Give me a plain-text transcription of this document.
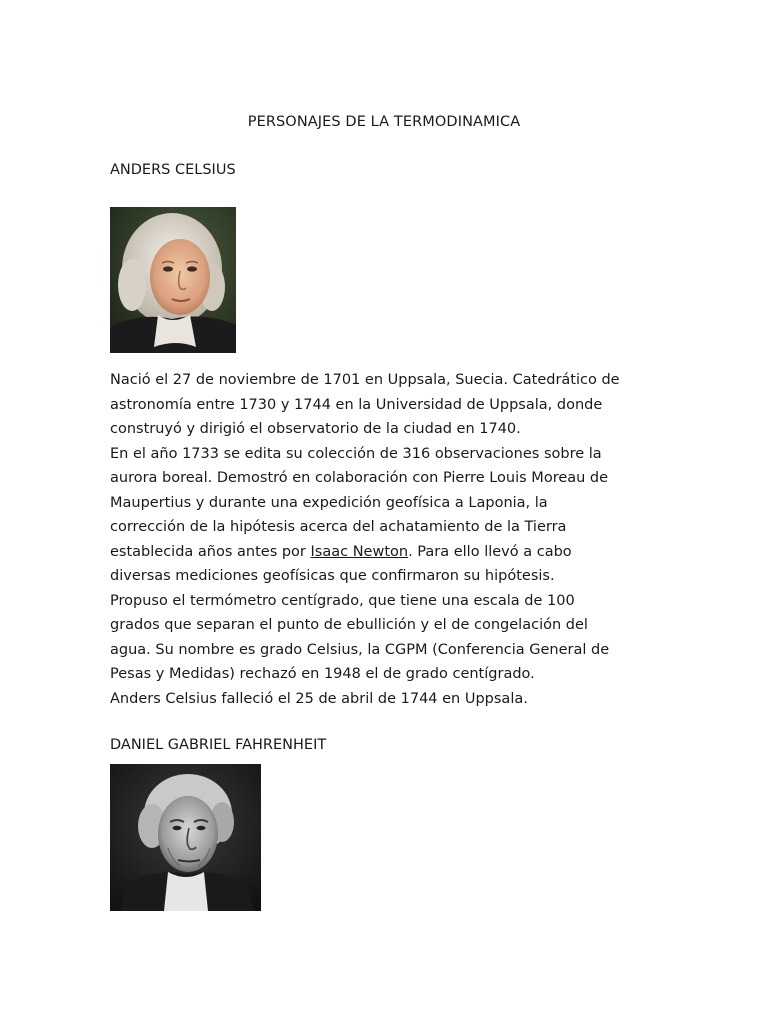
PERSONAJES DE LA TERMODINAMICA
ANDERS CELSIUS
Nació el 27 de noviembre de 1701 en Uppsala, Suecia. Catedrático de
astronomía entre 1730 y 1744 en la Universidad de Uppsala, donde
construyó y dirigió el observatorio de la ciudad en 1740.
En el año 1733 se edita su colección de 316 observaciones sobre la
aurora boreal. Demostró en colaboración con Pierre Louis Moreau de
Maupertius y durante una expedición geofísica a Laponia, la
corrección de la hipótesis acerca del achatamiento de la Tierra
establecida años antes por Isaac Newton. Para ello llevó a cabo
diversas mediciones geofísicas que confirmaron su hipótesis.
Propuso el termómetro centígrado, que tiene una escala de 100
grados que separan el punto de ebullición y el de congelación del
agua. Su nombre es grado Celsius, la CGPM (Conferencia General de
Pesas y Medidas) rechazó en 1948 el de grado centígrado.
Anders Celsius falleció el 25 de abril de 1744 en Uppsala.
DANIEL GABRIEL FAHRENHEIT
